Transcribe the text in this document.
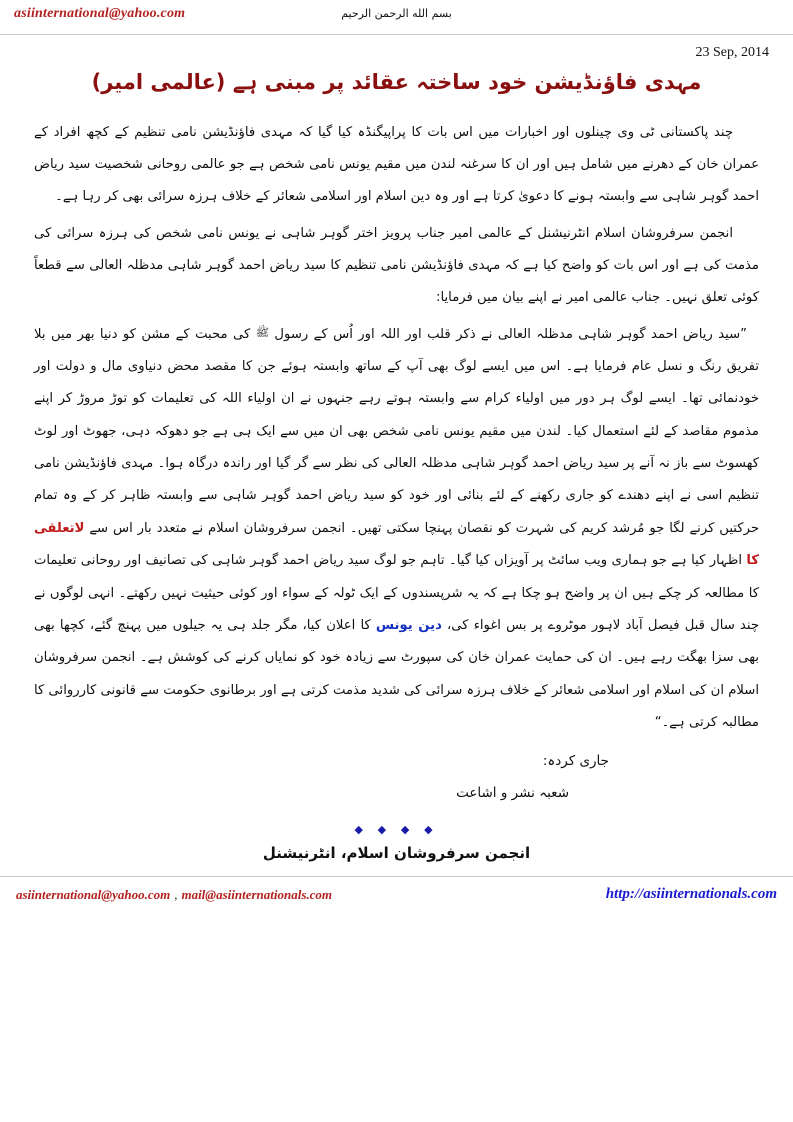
asiinternational@yahoo.com	بسم الله الرحمن الرحيم
23 Sep, 2014
مہدی فاؤنڈیشن خود ساختہ عقائد پر مبنی ہے (عالمی امیر)

چند پاکستانی ٹی وی چینلوں اور اخبارات میں اس بات کا پراپیگنڈہ کیا گیا کہ مہدی فاؤنڈیشن نامی تنظیم کے کچھ افراد کے عمران خان کے دھرنے میں شامل ہیں اور ان کا سرغنہ لندن میں مقیم یونس نامی شخص ہے جو عالمی روحانی شخصیت سید ریاض احمد گوہر شاہی سے وابستہ ہونے کا دعویٰ کرتا ہے اور وہ دین اسلام اور اسلامی شعائر کے خلاف ہرزہ سرائی بھی کر رہا ہے۔

انجمن سرفروشان اسلام انٹرنیشنل کے عالمی امیر جناب پرویز اختر گوہر شاہی نے یونس نامی شخص کی ہرزہ سرائی کی مذمت کی ہے اور اس بات کو واضح کیا ہے کہ مہدی فاؤنڈیشن نامی تنظیم کا سید ریاض احمد گوہر شاہی مدظلہ العالی سے قطعاً کوئی تعلق نہیں۔ جناب عالمی امیر نے اپنے بیان میں فرمایا:

”سید ریاض احمد گوہر شاہی مدظلہ العالی نے ذکر قلب اور اللہ اور اُس کے رسول ﷺ کی محبت کے مشن کو دنیا بھر میں بلا تفریق رنگ و نسل عام فرمایا ہے۔ اس میں ایسے لوگ بھی آپ کے ساتھ وابستہ ہوئے جن کا مقصد محض دنیاوی مال و دولت اور خودنمائی تھا۔ ایسے لوگ ہر دور میں اولیاء کرام سے وابستہ ہوتے رہے جنہوں نے ان اولیاء اللہ کی تعلیمات کو توڑ مروڑ کر اپنے مذموم مقاصد کے لئے استعمال کیا۔ لندن میں مقیم یونس نامی شخص بھی ان میں سے ایک ہی ہے جو دھوکہ دہی، جھوٹ اور لوٹ کھسوٹ سے باز نہ آنے پر سید ریاض احمد گوہر شاہی مدظلہ العالی کی نظر سے گر گیا اور راندہ درگاہ ہوا۔ مہدی فاؤنڈیشن نامی تنظیم اسی نے اپنے دھندے کو جاری رکھنے کے لئے بنائی اور خود کو سید ریاض احمد گوہر شاہی سے وابستہ ظاہر کر کے وہ تمام حرکتیں کرنے لگا جو مُرشد کریم کی شہرت کو نقصان پہنچا سکتی تھیں۔ انجمن سرفروشان اسلام نے متعدد بار اس سے لاتعلقی کا اظہار کیا ہے جو ہماری ویب سائٹ پر آویزاں کیا گیا۔ تاہم جو لوگ سید ریاض احمد گوہر شاہی کی تصانیف اور روحانی تعلیمات کا مطالعہ کر چکے ہیں ان پر واضح ہو چکا ہے کہ یہ شرپسندوں کے ایک ٹولہ کے سواء اور کوئی حیثیت نہیں رکھتے۔ انہی لوگوں نے چند سال قبل فیصل آباد لاہور موٹروے پر بس اغواء کی، دین یونس کا اعلان کیا، مگر جلد ہی یہ جیلوں میں پہنچ گئے، کچھا بھی بھی سزا بھگت رہے ہیں۔ ان کی حمایت عمران خان کی سپورٹ سے زیادہ خود کو نمایاں کرنے کی کوشش ہے۔ انجمن سرفروشان اسلام ان کی اسلام اور اسلامی شعائر کے خلاف ہرزہ سرائی کی شدید مذمت کرتی ہے اور برطانوی حکومت سے قانونی کارروائی کا مطالبہ کرتی ہے۔“

جاری کردہ:
شعبہ نشر و اشاعت
◆ ◆ ◆ ◆
انجمن سرفروشان اسلام، انٹرنیشنل
asiinternational@yahoo.com , mail@asiinternationals.com	http://asiinternationals.com
